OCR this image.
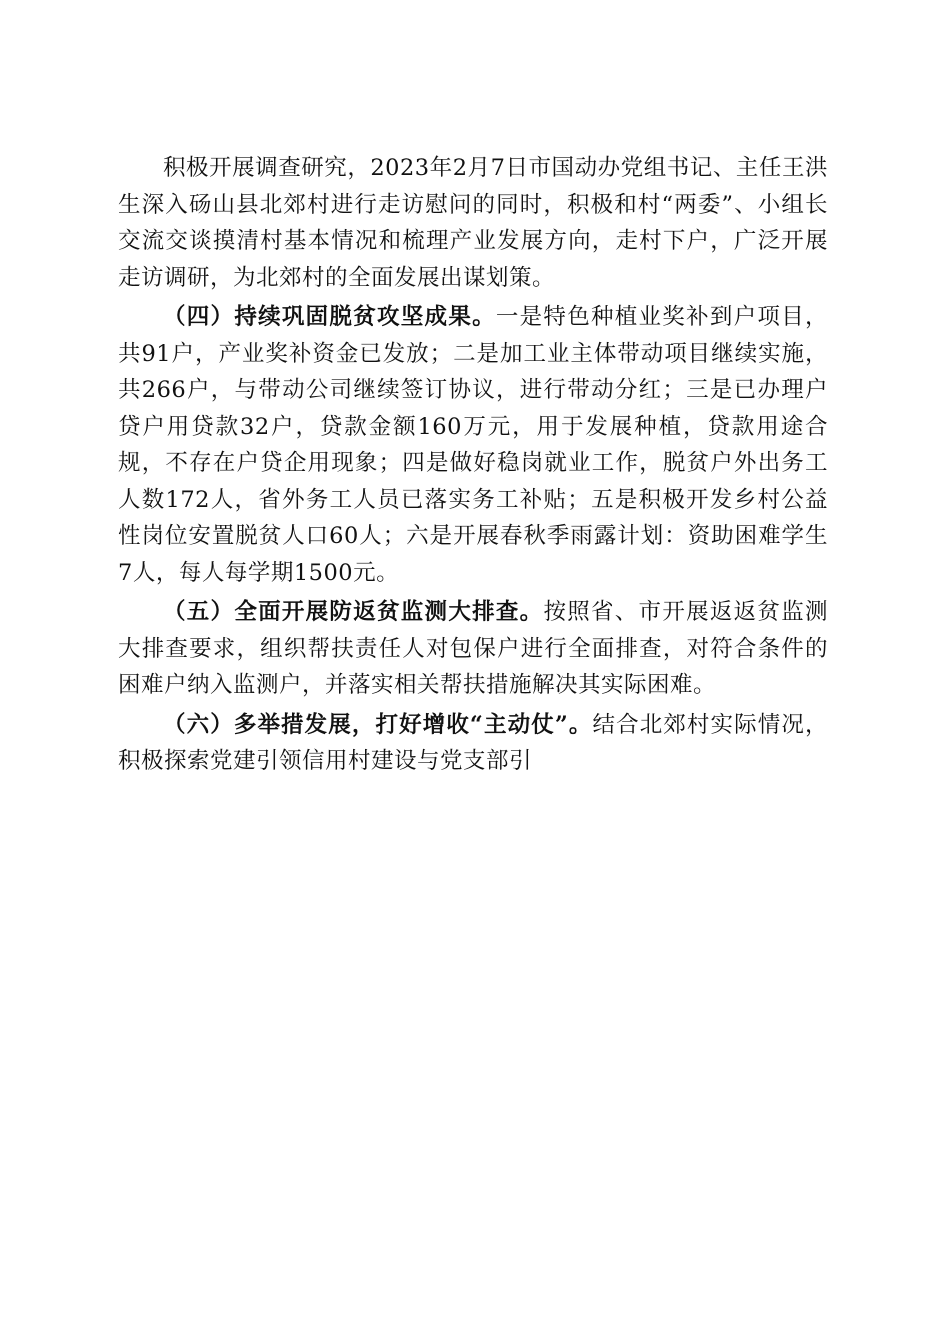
积极开展调查研究，2023年2月7日市国动办党组书记、主任王洪生深入砀山县北郊村进行走访慰问的同时，积极和村“两委”、小组长交流交谈摸清村基本情况和梳理产业发展方向，走村下户，广泛开展走访调研，为北郊村的全面发展出谋划策。

（四）持续巩固脱贫攻坚成果。一是特色种植业奖补到户项目，共91户，产业奖补资金已发放；二是加工业主体带动项目继续实施，共266户，与带动公司继续签订协议，进行带动分红；三是已办理户贷户用贷款32户，贷款金额160万元，用于发展种植，贷款用途合规，不存在户贷企用现象；四是做好稳岗就业工作，脱贫户外出务工人数172人，省外务工人员已落实务工补贴；五是积极开发乡村公益性岗位安置脱贫人口60人；六是开展春秋季雨露计划：资助困难学生7人，每人每学期1500元。

（五）全面开展防返贫监测大排查。按照省、市开展返返贫监测大排查要求，组织帮扶责任人对包保户进行全面排查，对符合条件的困难户纳入监测户，并落实相关帮扶措施解决其实际困难。

（六）多举措发展，打好增收“主动仗”。结合北郊村实际情况，积极探索党建引领信用村建设与党支部引
